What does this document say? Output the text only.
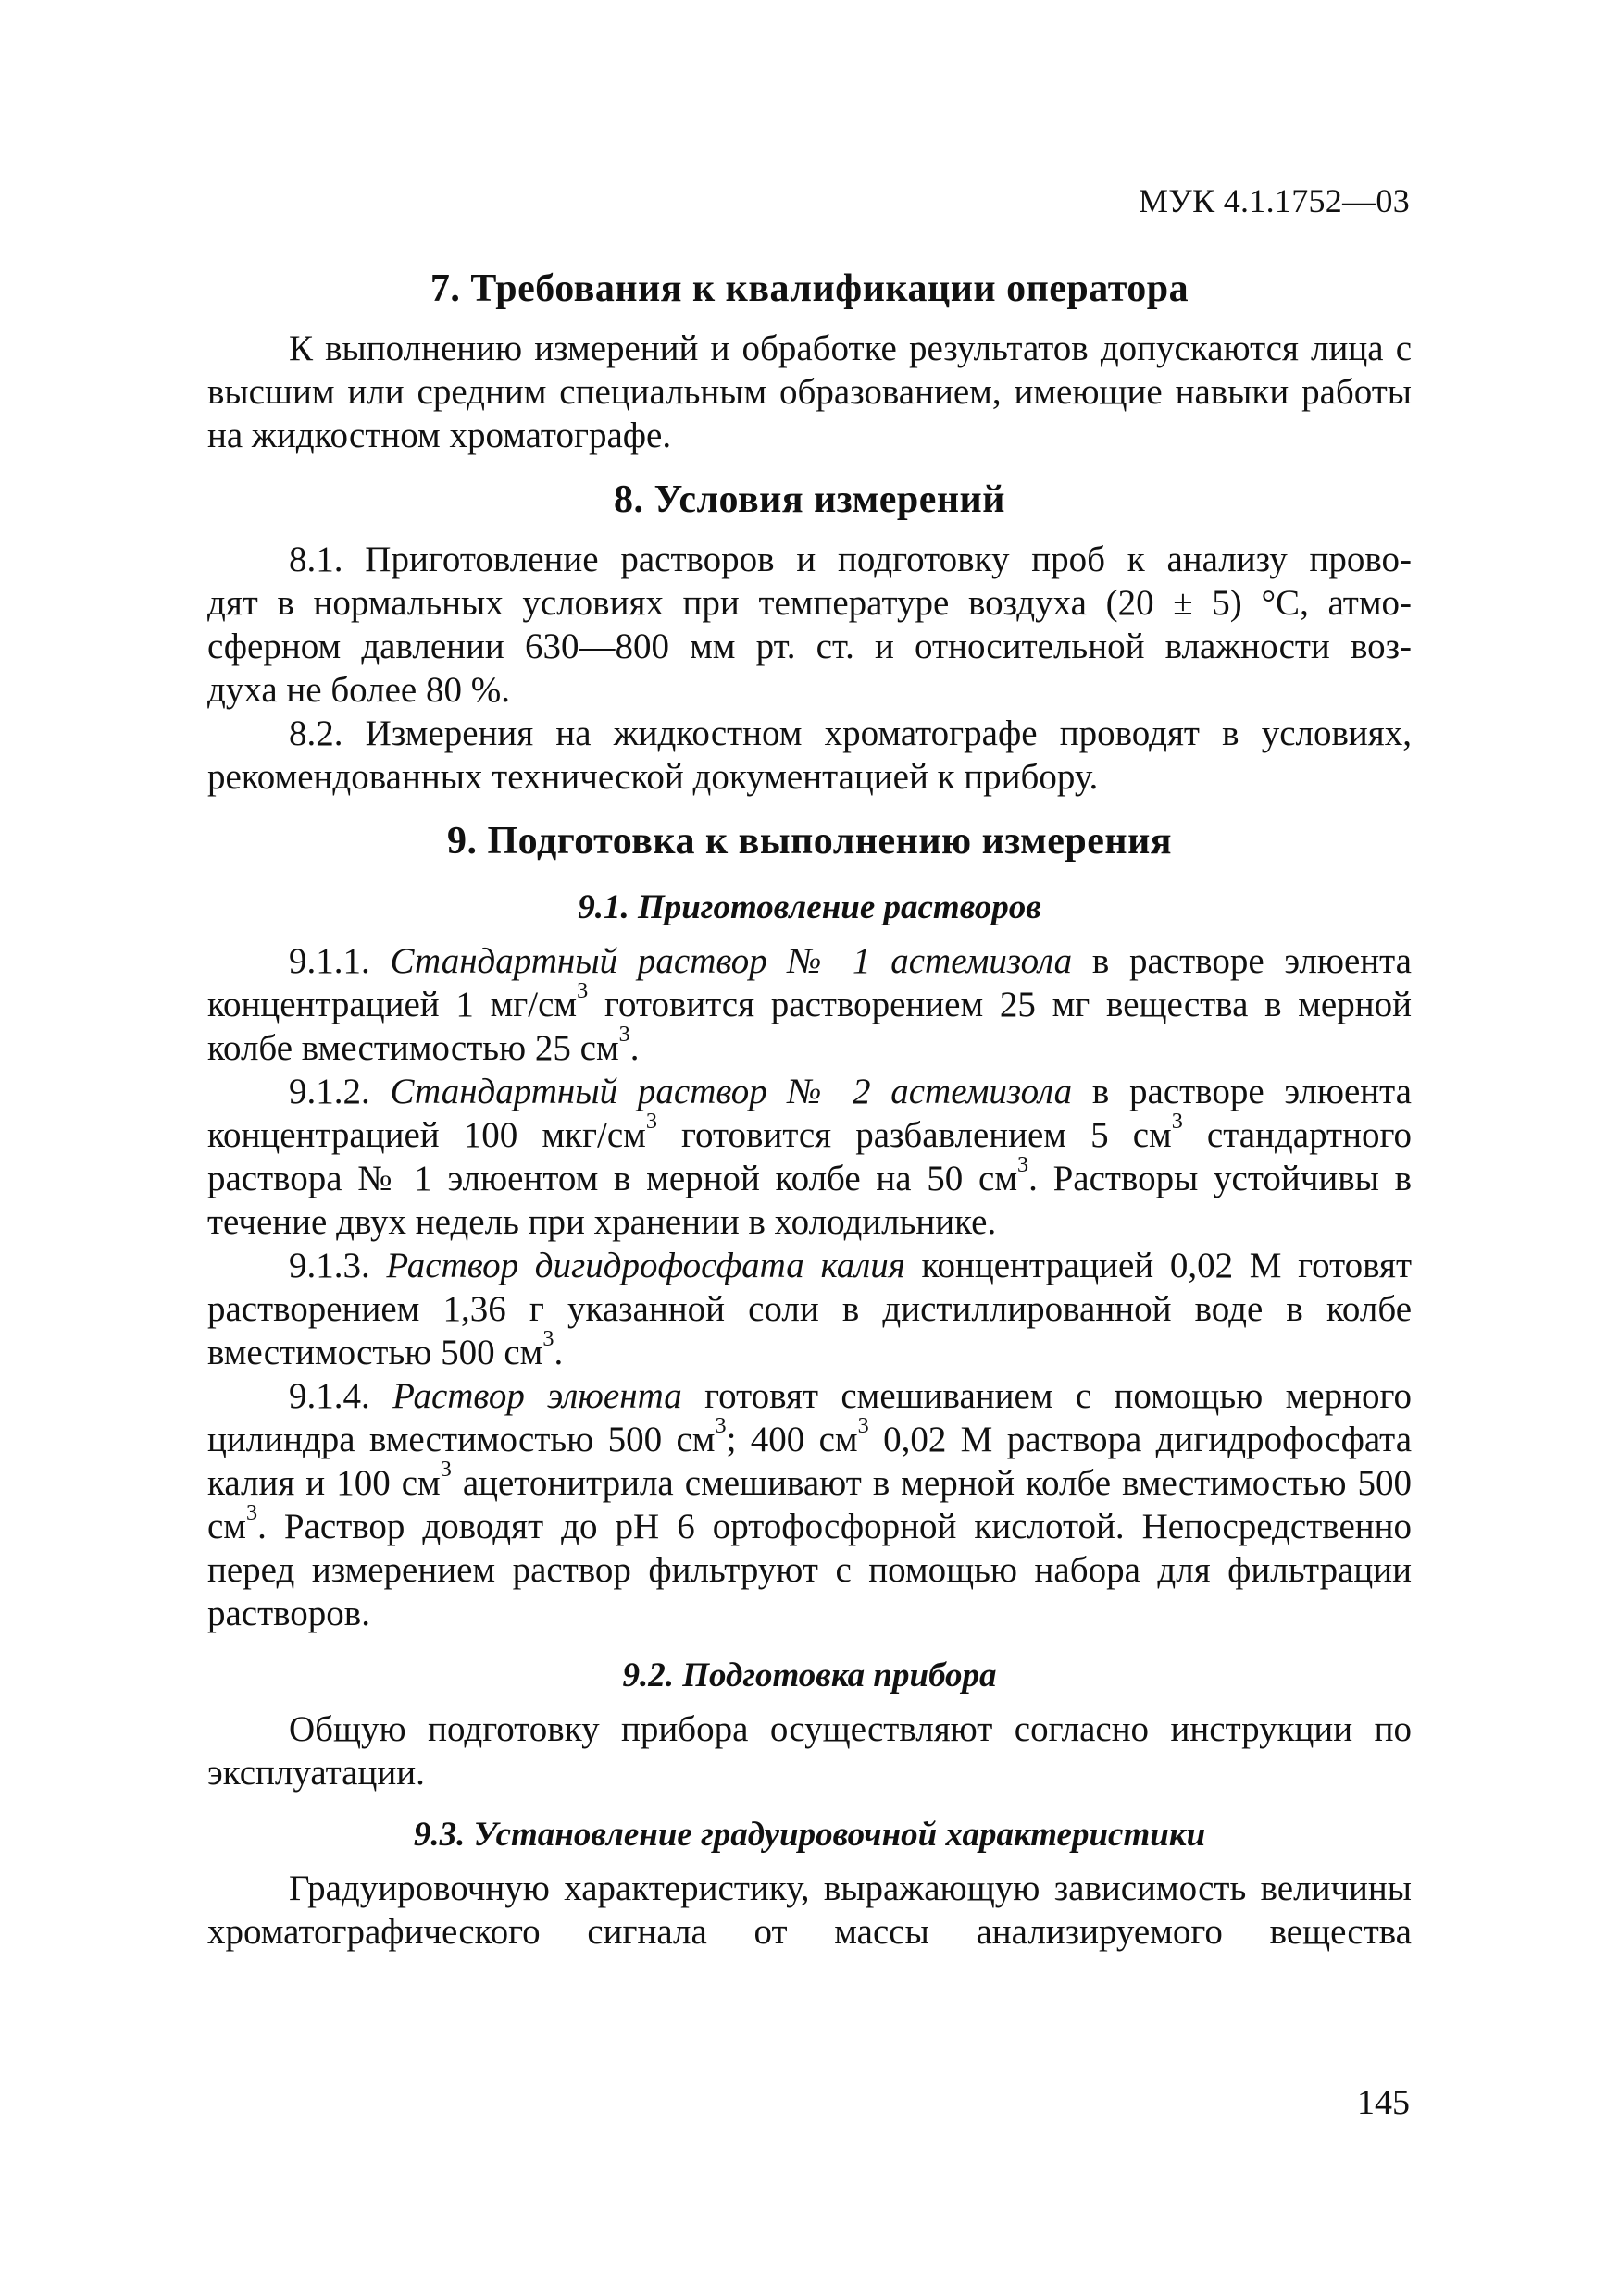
МУК 4.1.1752—03
7. Требования к квалификации оператора

К выполнению измерений и обработке результатов допускаются лица с высшим или средним специальным образованием, имеющие навыки работы на жидкостном хроматографе.

8. Условия измерений

8.1. Приготовление растворов и подготовку проб к анализу прово-

дят в нормальных условиях при температуре воздуха (20 ± 5) °С, атмо-

сферном давлении 630—800 мм рт. ст. и относительной влажности воз-

духа не более 80 %.

8.2. Измерения на жидкостном хроматографе проводят в условиях, рекомендованных технической документацией к прибору.

9. Подготовка к выполнению измерения
9.1. Приготовление растворов

9.1.1. Стандартный раствор № 1 астемизола в растворе элюента концентрацией 1 $мг/см^3$ готовится растворением 25 мг вещества в мерной колбе вместимостью 25 $см^3$.

9.1.2. Стандартный раствор № 2 астемизола в растворе элюента концентрацией 100 мкг/$см^3$ готовится разбавлением 5 $см^3$ стандартного раствора № 1 элюентом в мерной колбе на 50 $см^3$. Растворы устойчивы в течение двух недель при хранении в холодильнике.

9.1.3. Раствор дигидрофосфата калия концентрацией 0,02 М готовят растворением 1,36 г указанной соли в дистиллированной воде в колбе вместимостью 500 $см^3$.

9.1.4. Раствор элюента готовят смешиванием с помощью мерного цилиндра вместимостью 500 $см^3$; 400 $см^3$ 0,02 М раствора дигидрофосфата калия и 100 $см^3$ ацетонитрила смешивают в мерной колбе вместимостью 500 $см^3$. Раствор доводят до pH 6 ортофосфорной кислотой. Непосредственно перед измерением раствор фильтруют с помощью набора для фильтрации растворов.

9.2. Подготовка прибора

Общую подготовку прибора осуществляют согласно инструкции по эксплуатации.

9.3. Установление градуировочной характеристики

Градуировочную характеристику, выражающую зависимость величины хроматографического сигнала от массы анализируемого вещества

145
